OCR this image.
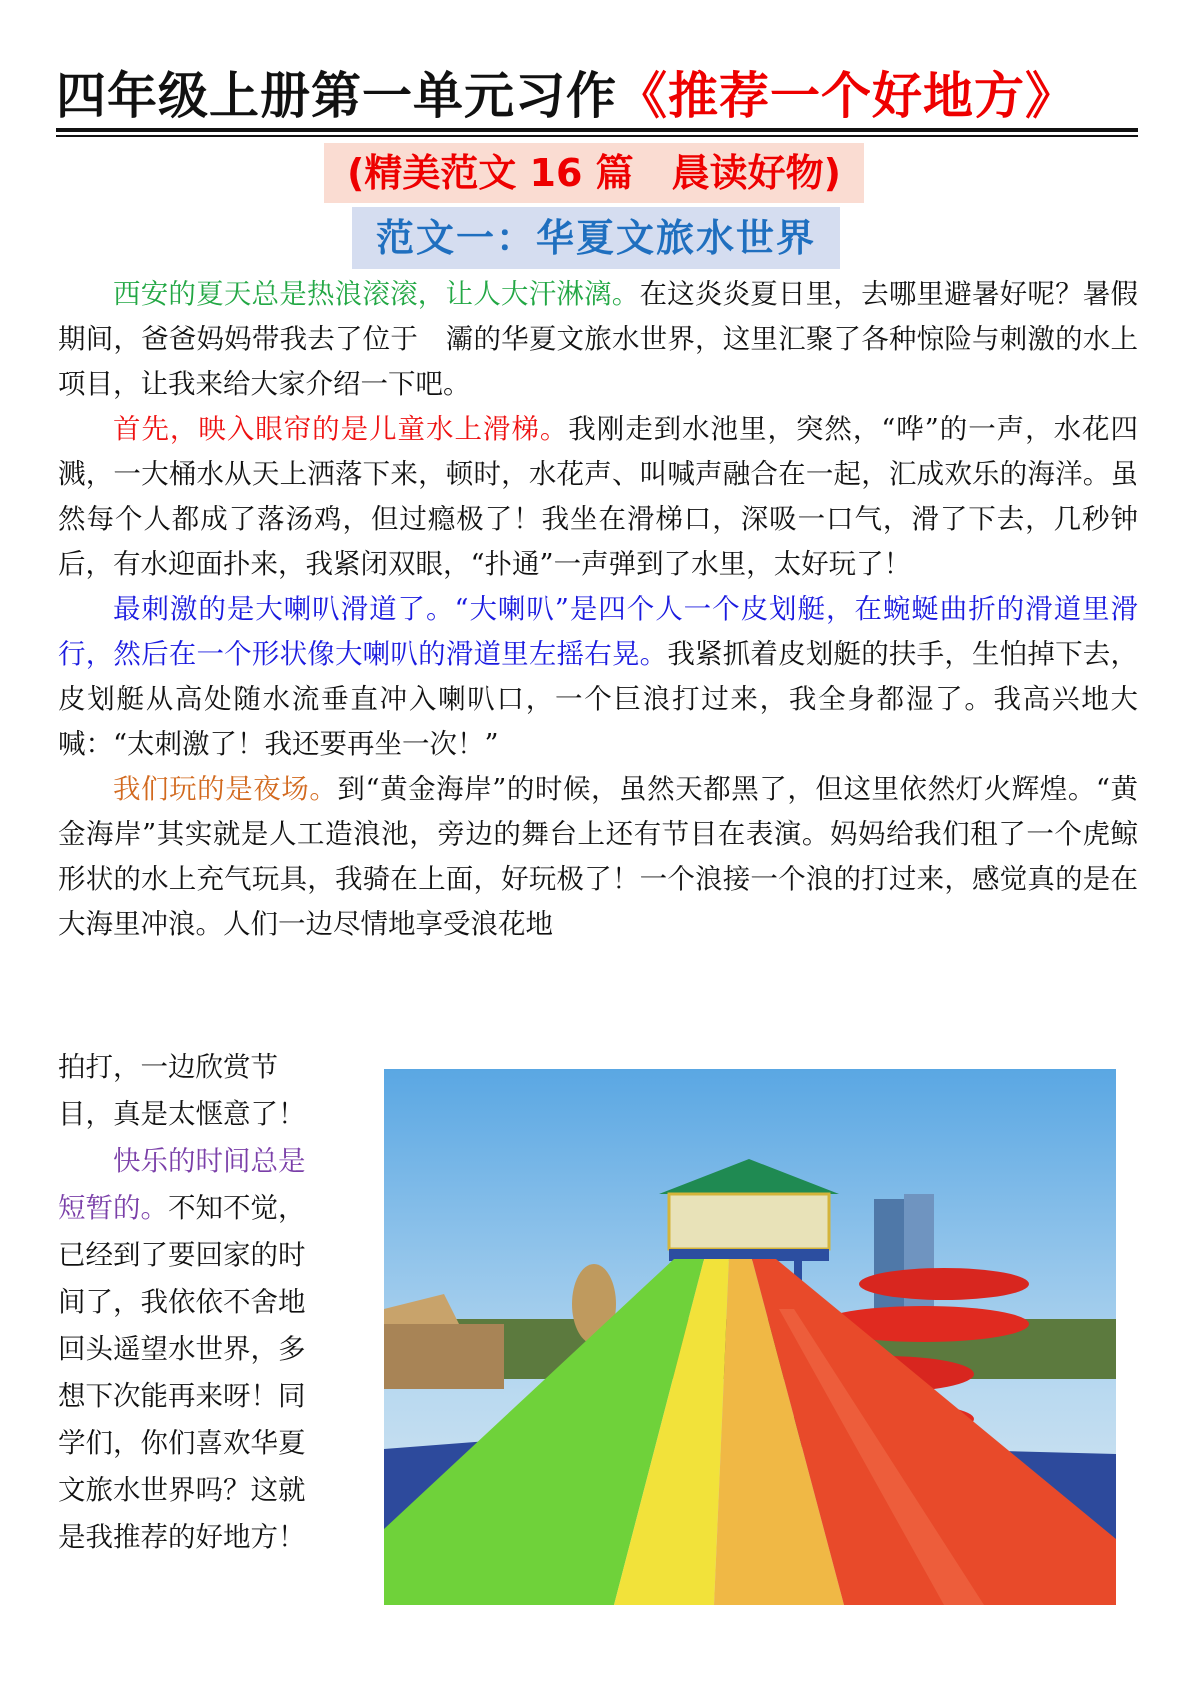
四年级上册第一单元习作《推荐一个好地方》
(精美范文 16 篇　晨读好物)
范文一：华夏文旅水世界

西安的夏天总是热浪滚滚，让人大汗淋漓。在这炎炎夏日里，去哪里避暑好呢？暑假期间，爸爸妈妈带我去了位于　灞的华夏文旅水世界，这里汇聚了各种惊险与刺激的水上项目，让我来给大家介绍一下吧。

首先，映入眼帘的是儿童水上滑梯。我刚走到水池里，突然，“哗”的一声，水花四溅，一大桶水从天上洒落下来，顿时，水花声、叫喊声融合在一起，汇成欢乐的海洋。虽然每个人都成了落汤鸡，但过瘾极了！我坐在滑梯口，深吸一口气，滑了下去，几秒钟后，有水迎面扑来，我紧闭双眼，“扑通”一声弹到了水里，太好玩了！

最刺激的是大喇叭滑道了。“大喇叭”是四个人一个皮划艇，在蜿蜒曲折的滑道里滑行，然后在一个形状像大喇叭的滑道里左摇右晃。我紧抓着皮划艇的扶手，生怕掉下去，皮划艇从高处随水流垂直冲入喇叭口，一个巨浪打过来，我全身都湿了。我高兴地大喊：“太刺激了！我还要再坐一次！”

我们玩的是夜场。到“黄金海岸”的时候，虽然天都黑了，但这里依然灯火辉煌。“黄金海岸”其实就是人工造浪池，旁边的舞台上还有节目在表演。妈妈给我们租了一个虎鲸形状的水上充气玩具，我骑在上面，好玩极了！一个浪接一个浪的打过来，感觉真的是在大海里冲浪。人们一边尽情地享受浪花地

拍打，一边欣赏节
目，真是太惬意了！
快乐的时间总是
短暂的。不知不觉，
已经到了要回家的时
间了，我依依不舍地
回头遥望水世界，多
想下次能再来呀！同
学们，你们喜欢华夏
文旅水世界吗？这就
是我推荐的好地方！
